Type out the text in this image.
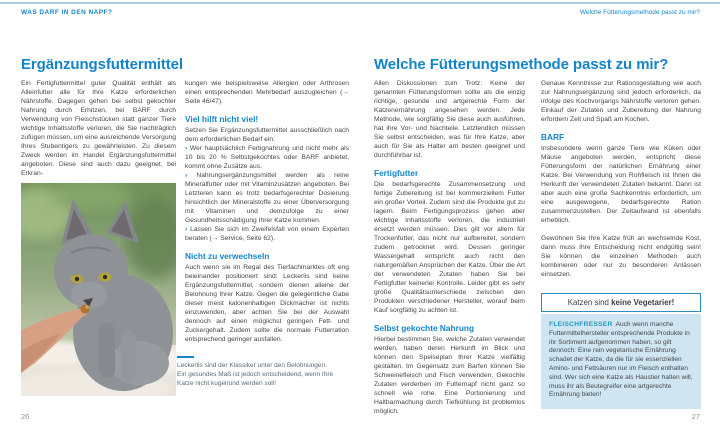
WAS DARF IN DEN NAPF?	Welche Fütterungsmethode passt zu mir?
Ergänzungsfuttermittel

Ein Fertigfuttermittel guter Qualität enthält als Alleinfutter alle für Ihre Katze erforderlichen Nährstoffe. Dagegen gehen bei selbst gekochter Nahrung durch Erhitzen, bei BARF durch Verwendung von Fleischstücken statt ganzer Tiere wichtige Inhaltsstoffe verloren, die Sie nachträglich zufügen müssen, um eine ausreichende Versorgung Ihres Stubentigers zu gewährleisten. Zu diesem Zweck werden im Handel Ergänzungsfuttermittel angeboten. Diese sind auch dazu geeignet, bei Erkran-

Leckerlis sind der Klassiker unter den Belohnungen. Ein gesundes Maß ist jedoch entscheidend, wenn Ihre Katze nicht kugelrund werden soll!

kungen wie beispielsweise Allergien oder Arthrosen einen entsprechenden Mehrbedarf auszugleichen (→ Seite 46/47).

Viel hilft nicht viel!

Setzen Sie Ergänzungsfuttermittel ausschließlich nach dem erforderlichen Bedarf ein:

› Wer hauptsächlich Fertignahrung und nicht mehr als 10 bis 20 % Selbstgekochtes oder BARF anbietet, kommt ohne Zusätze aus.

› Nahrungsergänzungsmittel werden als reine Mineralfutter oder mit Vitaminzusätzen angeboten. Bei Letzteren kann es trotz bedarfsgerechter Dosierung hinsichtlich der Mineralstoffe zu einer Überversorgung mit Vitaminen und demzufolge zu einer Gesundheitsschädigung Ihrer Katze kommen.

› Lassen Sie sich im Zweifelsfall von einem Experten beraten (→ Service, Seite 62).

Nicht zu verwechseln

Auch wenn sie im Regal des Tierfachmarktes oft eng beieinander positioniert sind: Leckerlis sind keine Ergänzungsfuttermittel, sondern dienen alleine der Belohnung Ihrer Katze. Gegen die gelegentliche Gabe dieser meist kalorienhaltigen Dickmacher ist nichts einzuwenden, aber achten Sie bei der Auswahl dennoch auf einen möglichst geringen Fett- und Zuckergehalt. Zudem sollte die normale Futterration entsprechend geringer ausfallen.

26
Welche Fütterungsmethode passt zu mir?

Allen Diskussionen zum Trotz: Keine der genannten Fütterungsformen sollte als die einzig richtige, gesunde und artgerechte Form der Katzenernährung angesehen werden. Jede Methode, wie sorgfältig Sie diese auch ausführen, hat ihre Vor- und Nachteile. Letztendlich müssen Sie selbst entscheiden, was für Ihre Katze, aber auch für Sie als Halter am besten geeignet und durchführbar ist.

Fertigfutter

Die bedarfsgerechte Zusammensetzung und fertige Zubereitung ist bei kommerziellem Futter ein großer Vorteil. Zudem sind die Produkte gut zu lagern. Beim Fertigungsprozess gehen aber wichtige Inhaltsstoffe verloren, die industriell ersetzt werden müssen. Dies gilt vor allem für Trockenfutter, das nicht nur aufbereitet, sondern zudem getrocknet wird. Dessen geringer Wassergehalt entspricht auch nicht den naturgemäßen Ansprüchen der Katze. Über die Art der verwendeten Zutaten haben Sie bei Fertigfutter keinerlei Kontrolle. Leider gibt es sehr große Qualitätsunterschiede zwischen den Produkten verschiedener Hersteller, worauf beim Kauf sorgfältig zu achten ist.

Selbst gekochte Nahrung

Hierbei bestimmen Sie, welche Zutaten verwendet werden, haben deren Herkunft im Blick und können den Speiseplan Ihrer Katze vielfältig gestalten. Im Gegensatz zum Barfen können Sie Schweinefleisch und Fisch verwenden. Gekochte Zutaten verderben im Futternapf nicht ganz so schnell wie rohe. Eine Portionierung und Haltbarmachung durch Tiefkühlung ist problemlos möglich.

Genaue Kenntnisse zur Rationsgestaltung wie auch zur Nahrungsergänzung sind jedoch erforderlich, da infolge des Kochvorgangs Nährstoffe verloren gehen. Einkauf der Zutaten und Zubereitung der Nahrung erfordern Zeit und Spaß am Kochen.

BARF

Insbesondere wenn ganze Tiere wie Küken oder Mäuse angeboten werden, entspricht diese Fütterungsform der natürlichen Ernährung einer Katze. Bei Verwendung von Rohfleisch ist Ihnen die Herkunft der verwendeten Zutaten bekannt. Dann ist aber auch eine große Sachkenntnis erforderlich, um eine ausgewogene, bedarfsgerechte Ration zusammenzustellen. Der Zeitaufwand ist ebenfalls erheblich.

Gewöhnen Sie Ihre Katze früh an wechselnde Kost, dann muss Ihre Entscheidung nicht endgültig sein! Sie können die einzelnen Methoden auch kombinieren oder nur zu besonderen Anlässen einsetzen.

Katzen sind keine Vegetarier!
FLEISCHFRESSER Auch wenn manche Futtermittelhersteller entsprechende Produkte in ihr Sortiment aufgenommen haben, so gilt dennoch: Eine rein vegetarische Ernährung schadet der Katze, da die für sie essenziellen Amino- und Fettsäuren nur im Fleisch enthalten sind. Wer sich eine Katze als Haustier halten will, muss ihr als Beutegreifer eine artgerechte Ernährung bieten!
27
